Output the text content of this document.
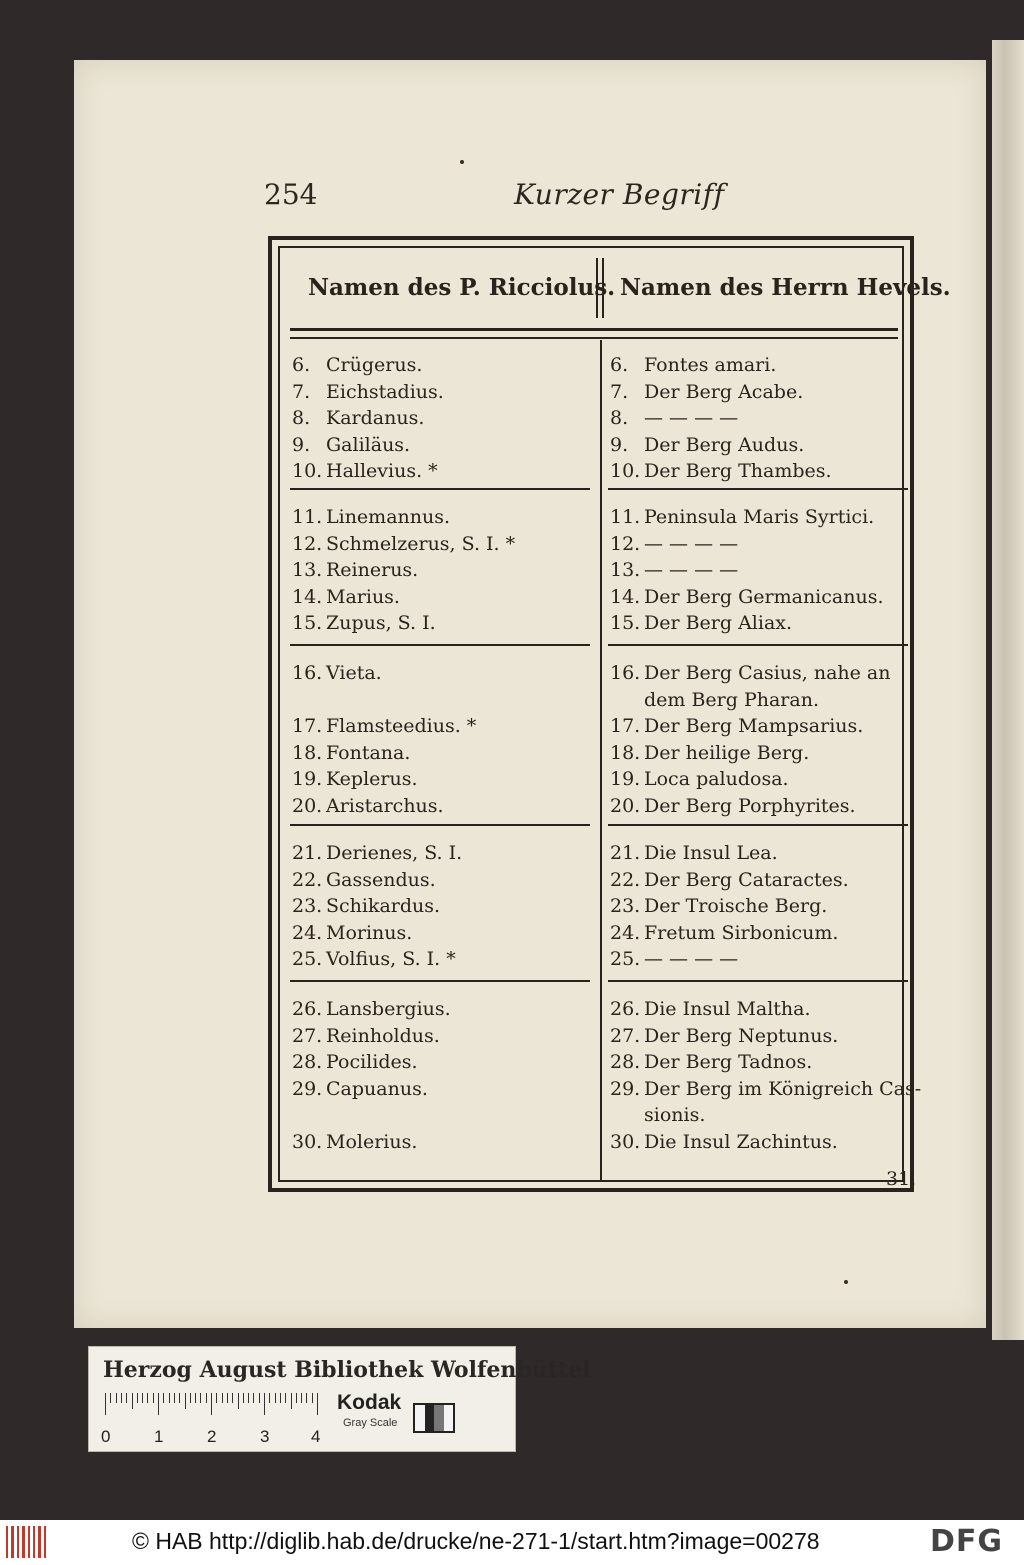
254	Kurzer Begriff
Namen des P. Ricciolus. Namen des Herrn Hevels.
6. Crügerus.	6. Fontes amari.
7. Eichstadius.	7. Der Berg Acabe.
8. Kardanus.	8. — — — —
9. Galiläus.	9. Der Berg Audus.
10. Hallevius. *	10. Der Berg Thambes.
11. Linemannus.	11. Peninsula Maris Syrtici.
12. Schmelzerus, S. I. *	12. — — — —
13. Reinerus.	13. — — — —
14. Marius.	14. Der Berg Germanicanus.
15. Zupus, S. I.	15. Der Berg Aliax.
16. Vieta.	16. Der Berg Casius, nahe an
dem Berg Pharan.
17. Flamsteedius. *	17. Der Berg Mampsarius.
18. Fontana.	18. Der heilige Berg.
19. Keplerus.	19. Loca paludosa.
20. Aristarchus.	20. Der Berg Porphyrites.
21. Derienes, S. I.	21. Die Insul Lea.
22. Gassendus.	22. Der Berg Cataractes.
23. Schikardus.	23. Der Troische Berg.
24. Morinus.	24. Fretum Sirbonicum.
25. Volfius, S. I. *	25. — — — —
26. Lansbergius.	26. Die Insul Maltha.
27. Reinholdus.	27. Der Berg Neptunus.
28. Pocilides.	28. Der Berg Tadnos.
29. Capuanus.	29. Der Berg im Königreich Cas-
sionis.
30. Molerius.	30. Die Insul Zachintus.
31.
Herzog August Bibliothek Wolfenbüttel
0	1	2	3 4
Kodak
Gray Scale
© HAB http://diglib.hab.de/drucke/ne-271-1/start.htm?image=00278	DFG
